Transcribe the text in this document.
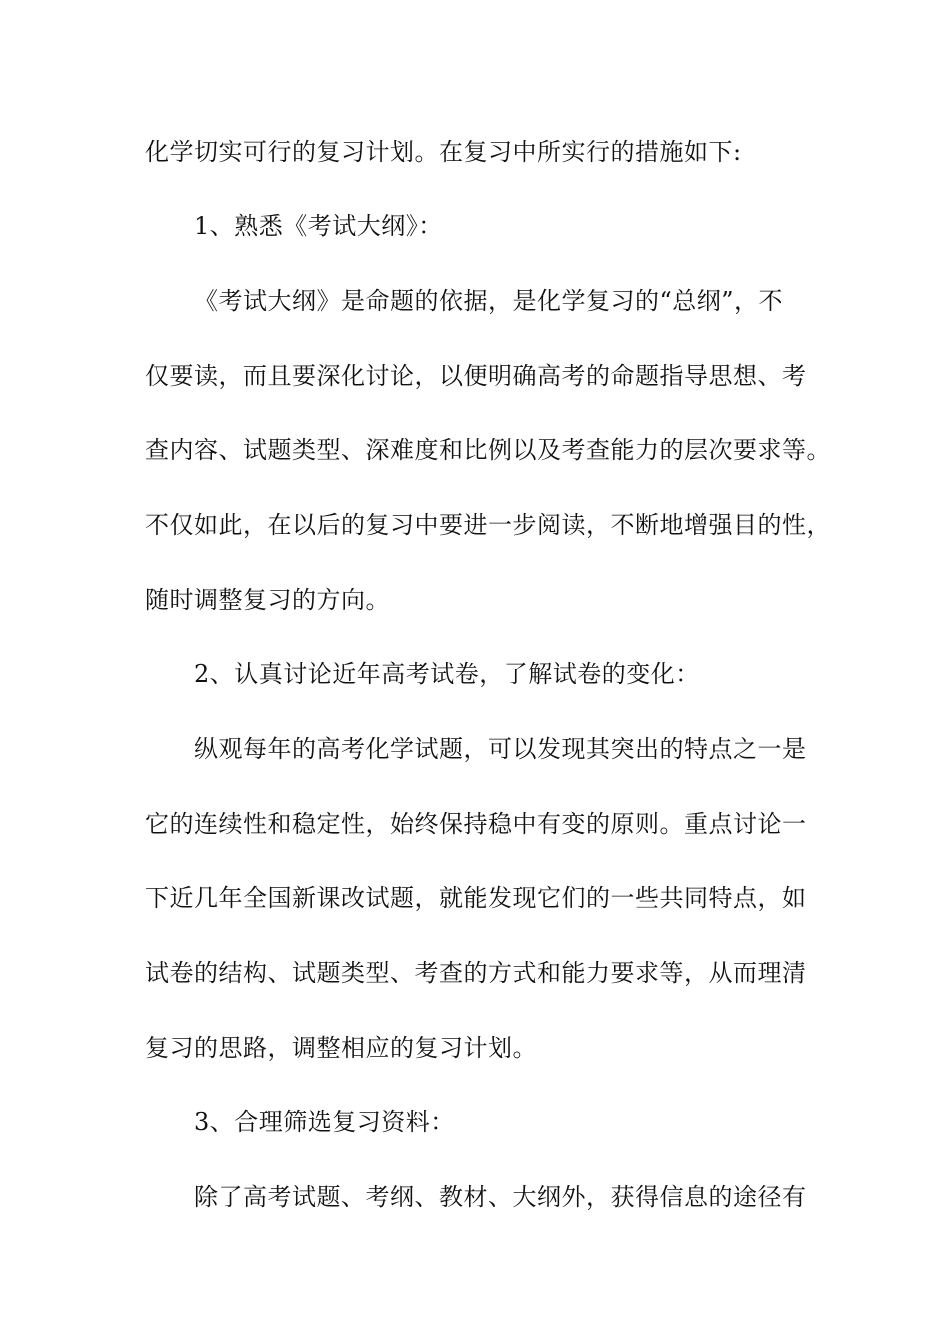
化学切实可行的复习计划。在复习中所实行的措施如下:
1、熟悉《考试大纲》：
《考试大纲》是命题的依据，是化学复习的“总纲”，不
仅要读，而且要深化讨论，以便明确高考的命题指导思想、考
查内容、试题类型、深难度和比例以及考查能力的层次要求等。
不仅如此，在以后的复习中要进一步阅读，不断地增强目的性，
随时调整复习的方向。
2、认真讨论近年高考试卷，了解试卷的变化：
纵观每年的高考化学试题，可以发现其突出的特点之一是
它的连续性和稳定性，始终保持稳中有变的原则。重点讨论一
下近几年全国新课改试题，就能发现它们的一些共同特点，如
试卷的结构、试题类型、考查的方式和能力要求等，从而理清
复习的思路，调整相应的复习计划。
3、合理筛选复习资料：
除了高考试题、考纲、教材、大纲外，获得信息的途径有
